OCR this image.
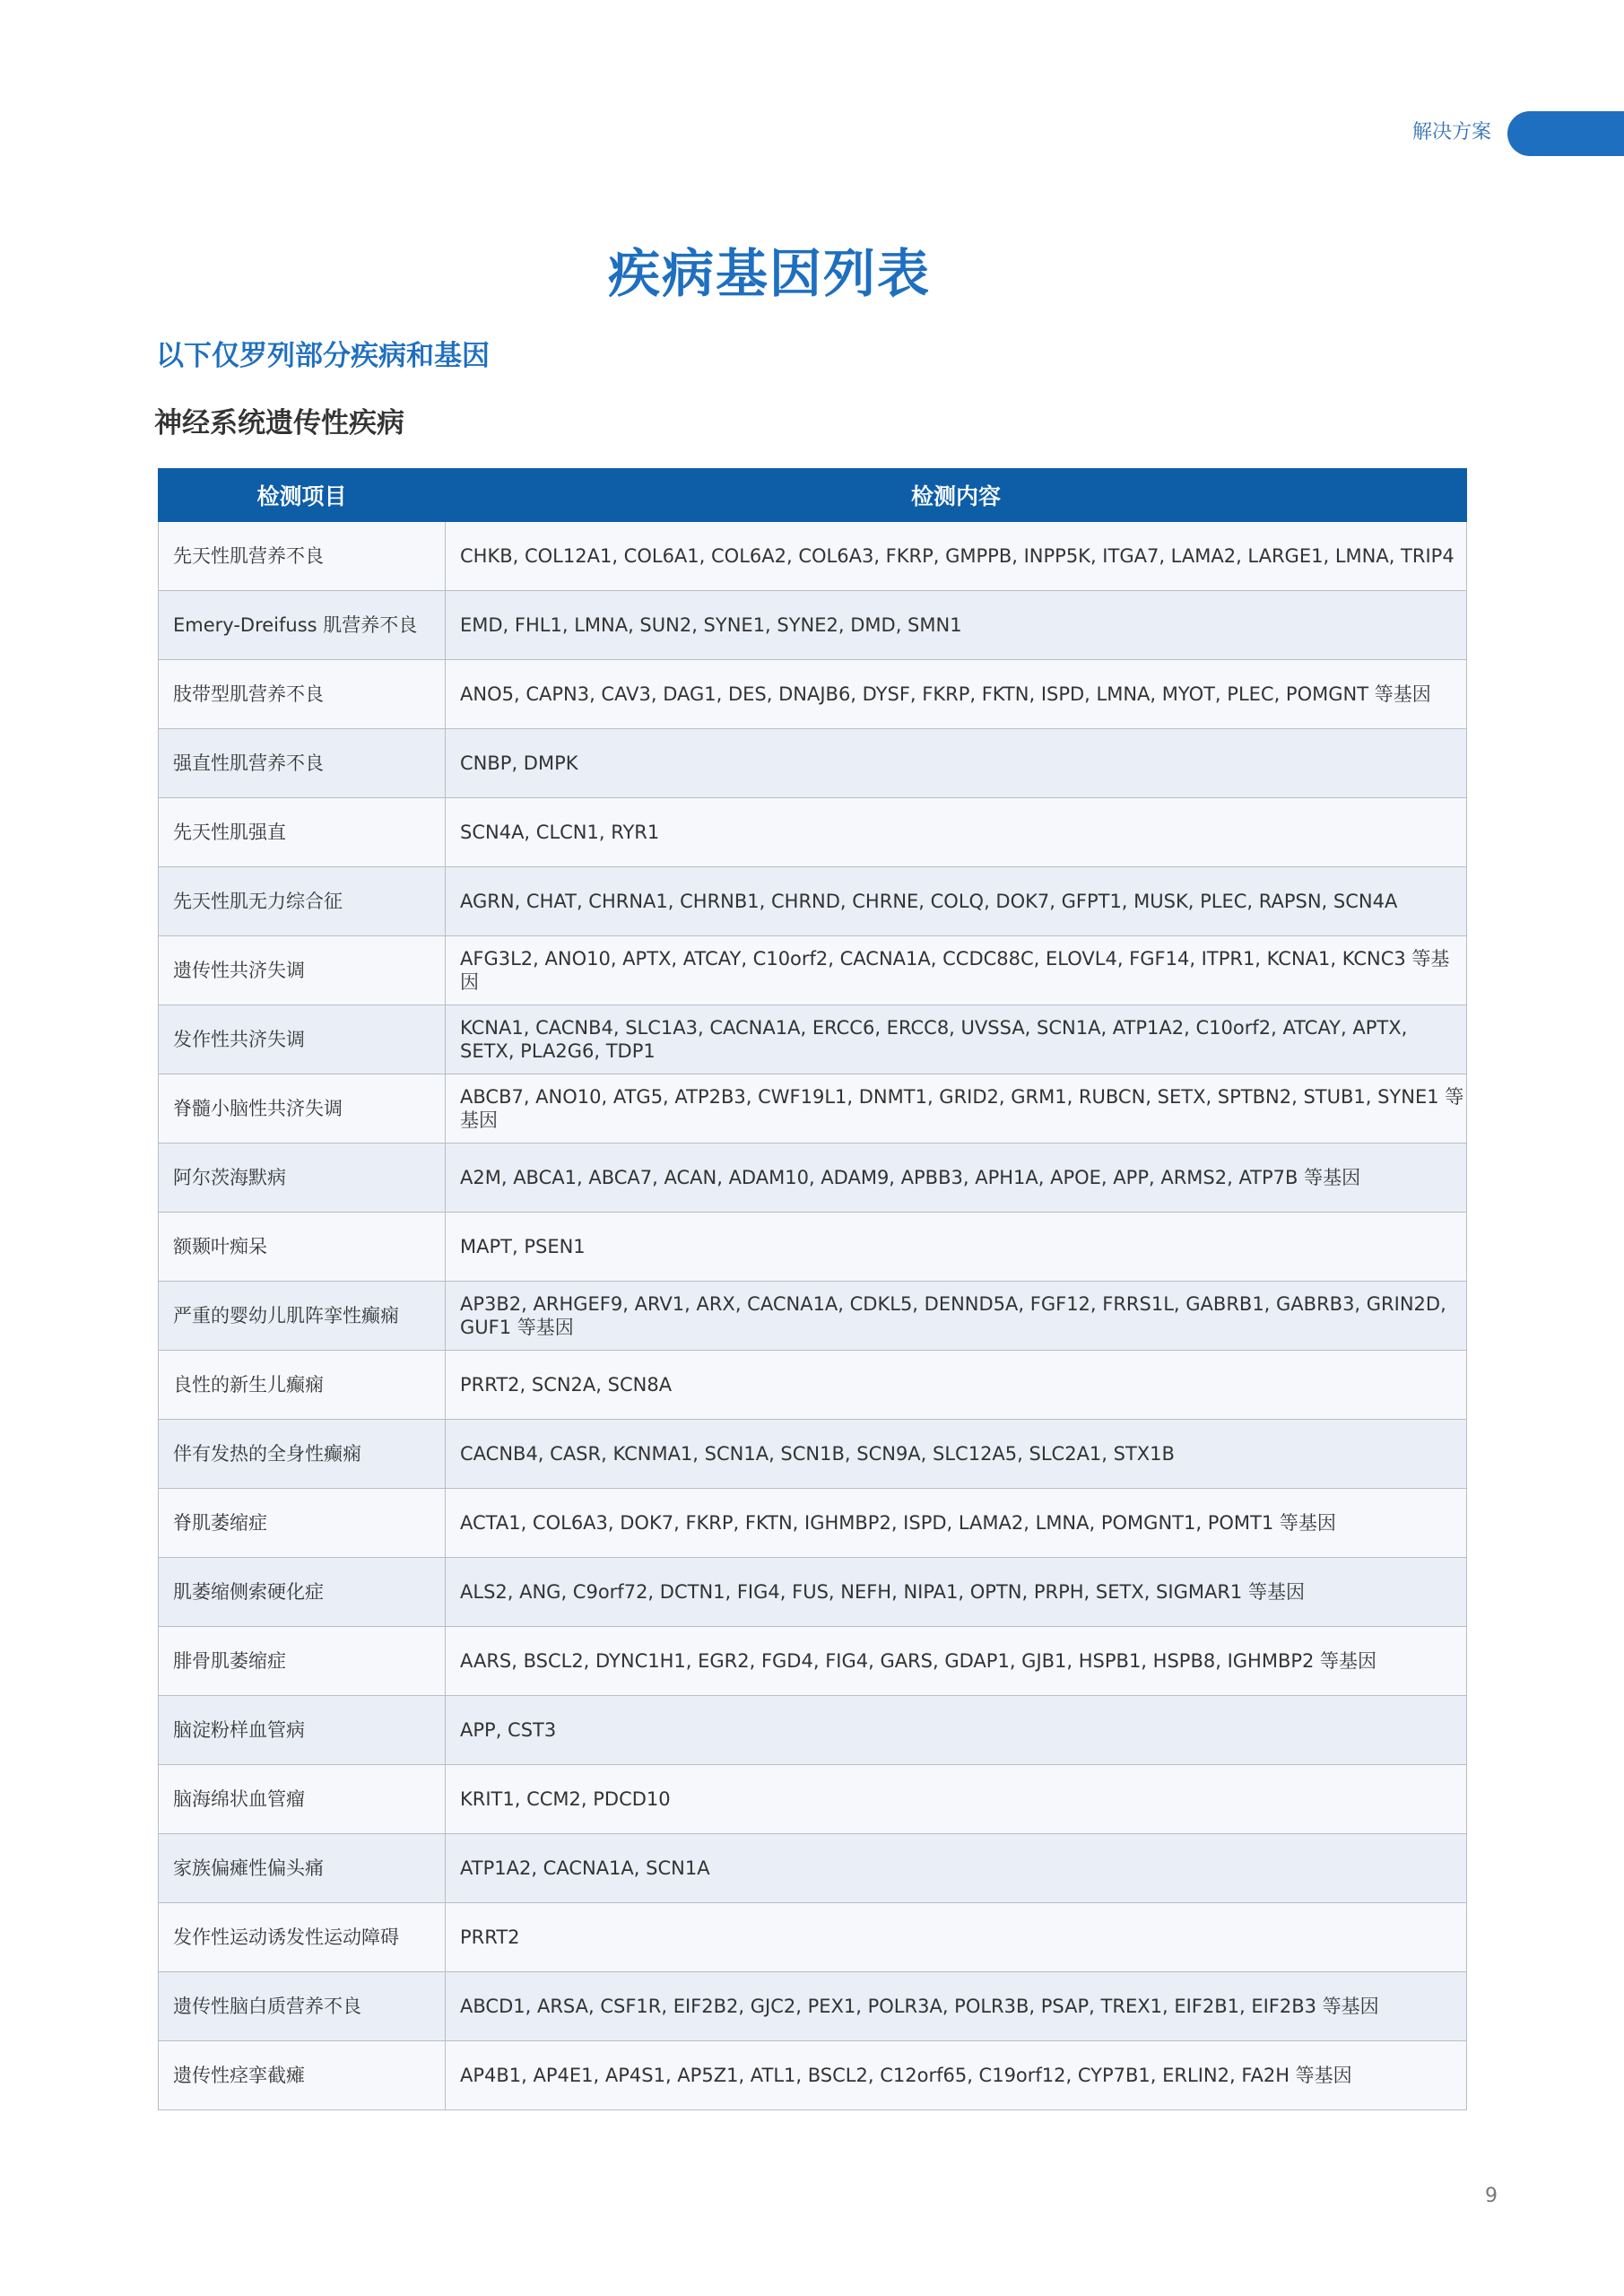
解决方案
疾病基因列表
以下仅罗列部分疾病和基因
神经系统遗传性疾病
检测项目	检测内容
先天性肌营养不良	CHKB, COL12A1, COL6A1, COL6A2, COL6A3, FKRP, GMPPB, INPP5K, ITGA7, LAMA2, LARGE1, LMNA, TRIP4
Emery-Dreifuss 肌营养不良	EMD, FHL1, LMNA, SUN2, SYNE1, SYNE2, DMD, SMN1
肢带型肌营养不良	ANO5, CAPN3, CAV3, DAG1, DES, DNAJB6, DYSF, FKRP, FKTN, ISPD, LMNA, MYOT, PLEC, POMGNT 等基因
强直性肌营养不良	CNBP, DMPK
先天性肌强直	SCN4A, CLCN1, RYR1
先天性肌无力综合征	AGRN, CHAT, CHRNA1, CHRNB1, CHRND, CHRNE, COLQ, DOK7, GFPT1, MUSK, PLEC, RAPSN, SCN4A
遗传性共济失调	AFG3L2, ANO10, APTX, ATCAY, C10orf2, CACNA1A, CCDC88C, ELOVL4, FGF14, ITPR1, KCNA1, KCNC3 等基因
发作性共济失调	KCNA1, CACNB4, SLC1A3, CACNA1A, ERCC6, ERCC8, UVSSA, SCN1A, ATP1A2, C10orf2, ATCAY, APTX, SETX, PLA2G6, TDP1
脊髓小脑性共济失调	ABCB7, ANO10, ATG5, ATP2B3, CWF19L1, DNMT1, GRID2, GRM1, RUBCN, SETX, SPTBN2, STUB1, SYNE1 等基因
阿尔茨海默病	A2M, ABCA1, ABCA7, ACAN, ADAM10, ADAM9, APBB3, APH1A, APOE, APP, ARMS2, ATP7B 等基因
额颞叶痴呆	MAPT, PSEN1
严重的婴幼儿肌阵挛性癫痫	AP3B2, ARHGEF9, ARV1, ARX, CACNA1A, CDKL5, DENND5A, FGF12, FRRS1L, GABRB1, GABRB3, GRIN2D, GUF1 等基因
良性的新生儿癫痫	PRRT2, SCN2A, SCN8A
伴有发热的全身性癫痫	CACNB4, CASR, KCNMA1, SCN1A, SCN1B, SCN9A, SLC12A5, SLC2A1, STX1B
脊肌萎缩症	ACTA1, COL6A3, DOK7, FKRP, FKTN, IGHMBP2, ISPD, LAMA2, LMNA, POMGNT1, POMT1 等基因
肌萎缩侧索硬化症	ALS2, ANG, C9orf72, DCTN1, FIG4, FUS, NEFH, NIPA1, OPTN, PRPH, SETX, SIGMAR1 等基因
腓骨肌萎缩症	AARS, BSCL2, DYNC1H1, EGR2, FGD4, FIG4, GARS, GDAP1, GJB1, HSPB1, HSPB8, IGHMBP2 等基因
脑淀粉样血管病	APP, CST3
脑海绵状血管瘤	KRIT1, CCM2, PDCD10
家族偏瘫性偏头痛	ATP1A2, CACNA1A, SCN1A
发作性运动诱发性运动障碍	PRRT2
遗传性脑白质营养不良	ABCD1, ARSA, CSF1R, EIF2B2, GJC2, PEX1, POLR3A, POLR3B, PSAP, TREX1, EIF2B1, EIF2B3 等基因
遗传性痉挛截瘫	AP4B1, AP4E1, AP4S1, AP5Z1, ATL1, BSCL2, C12orf65, C19orf12, CYP7B1, ERLIN2, FA2H 等基因
9
